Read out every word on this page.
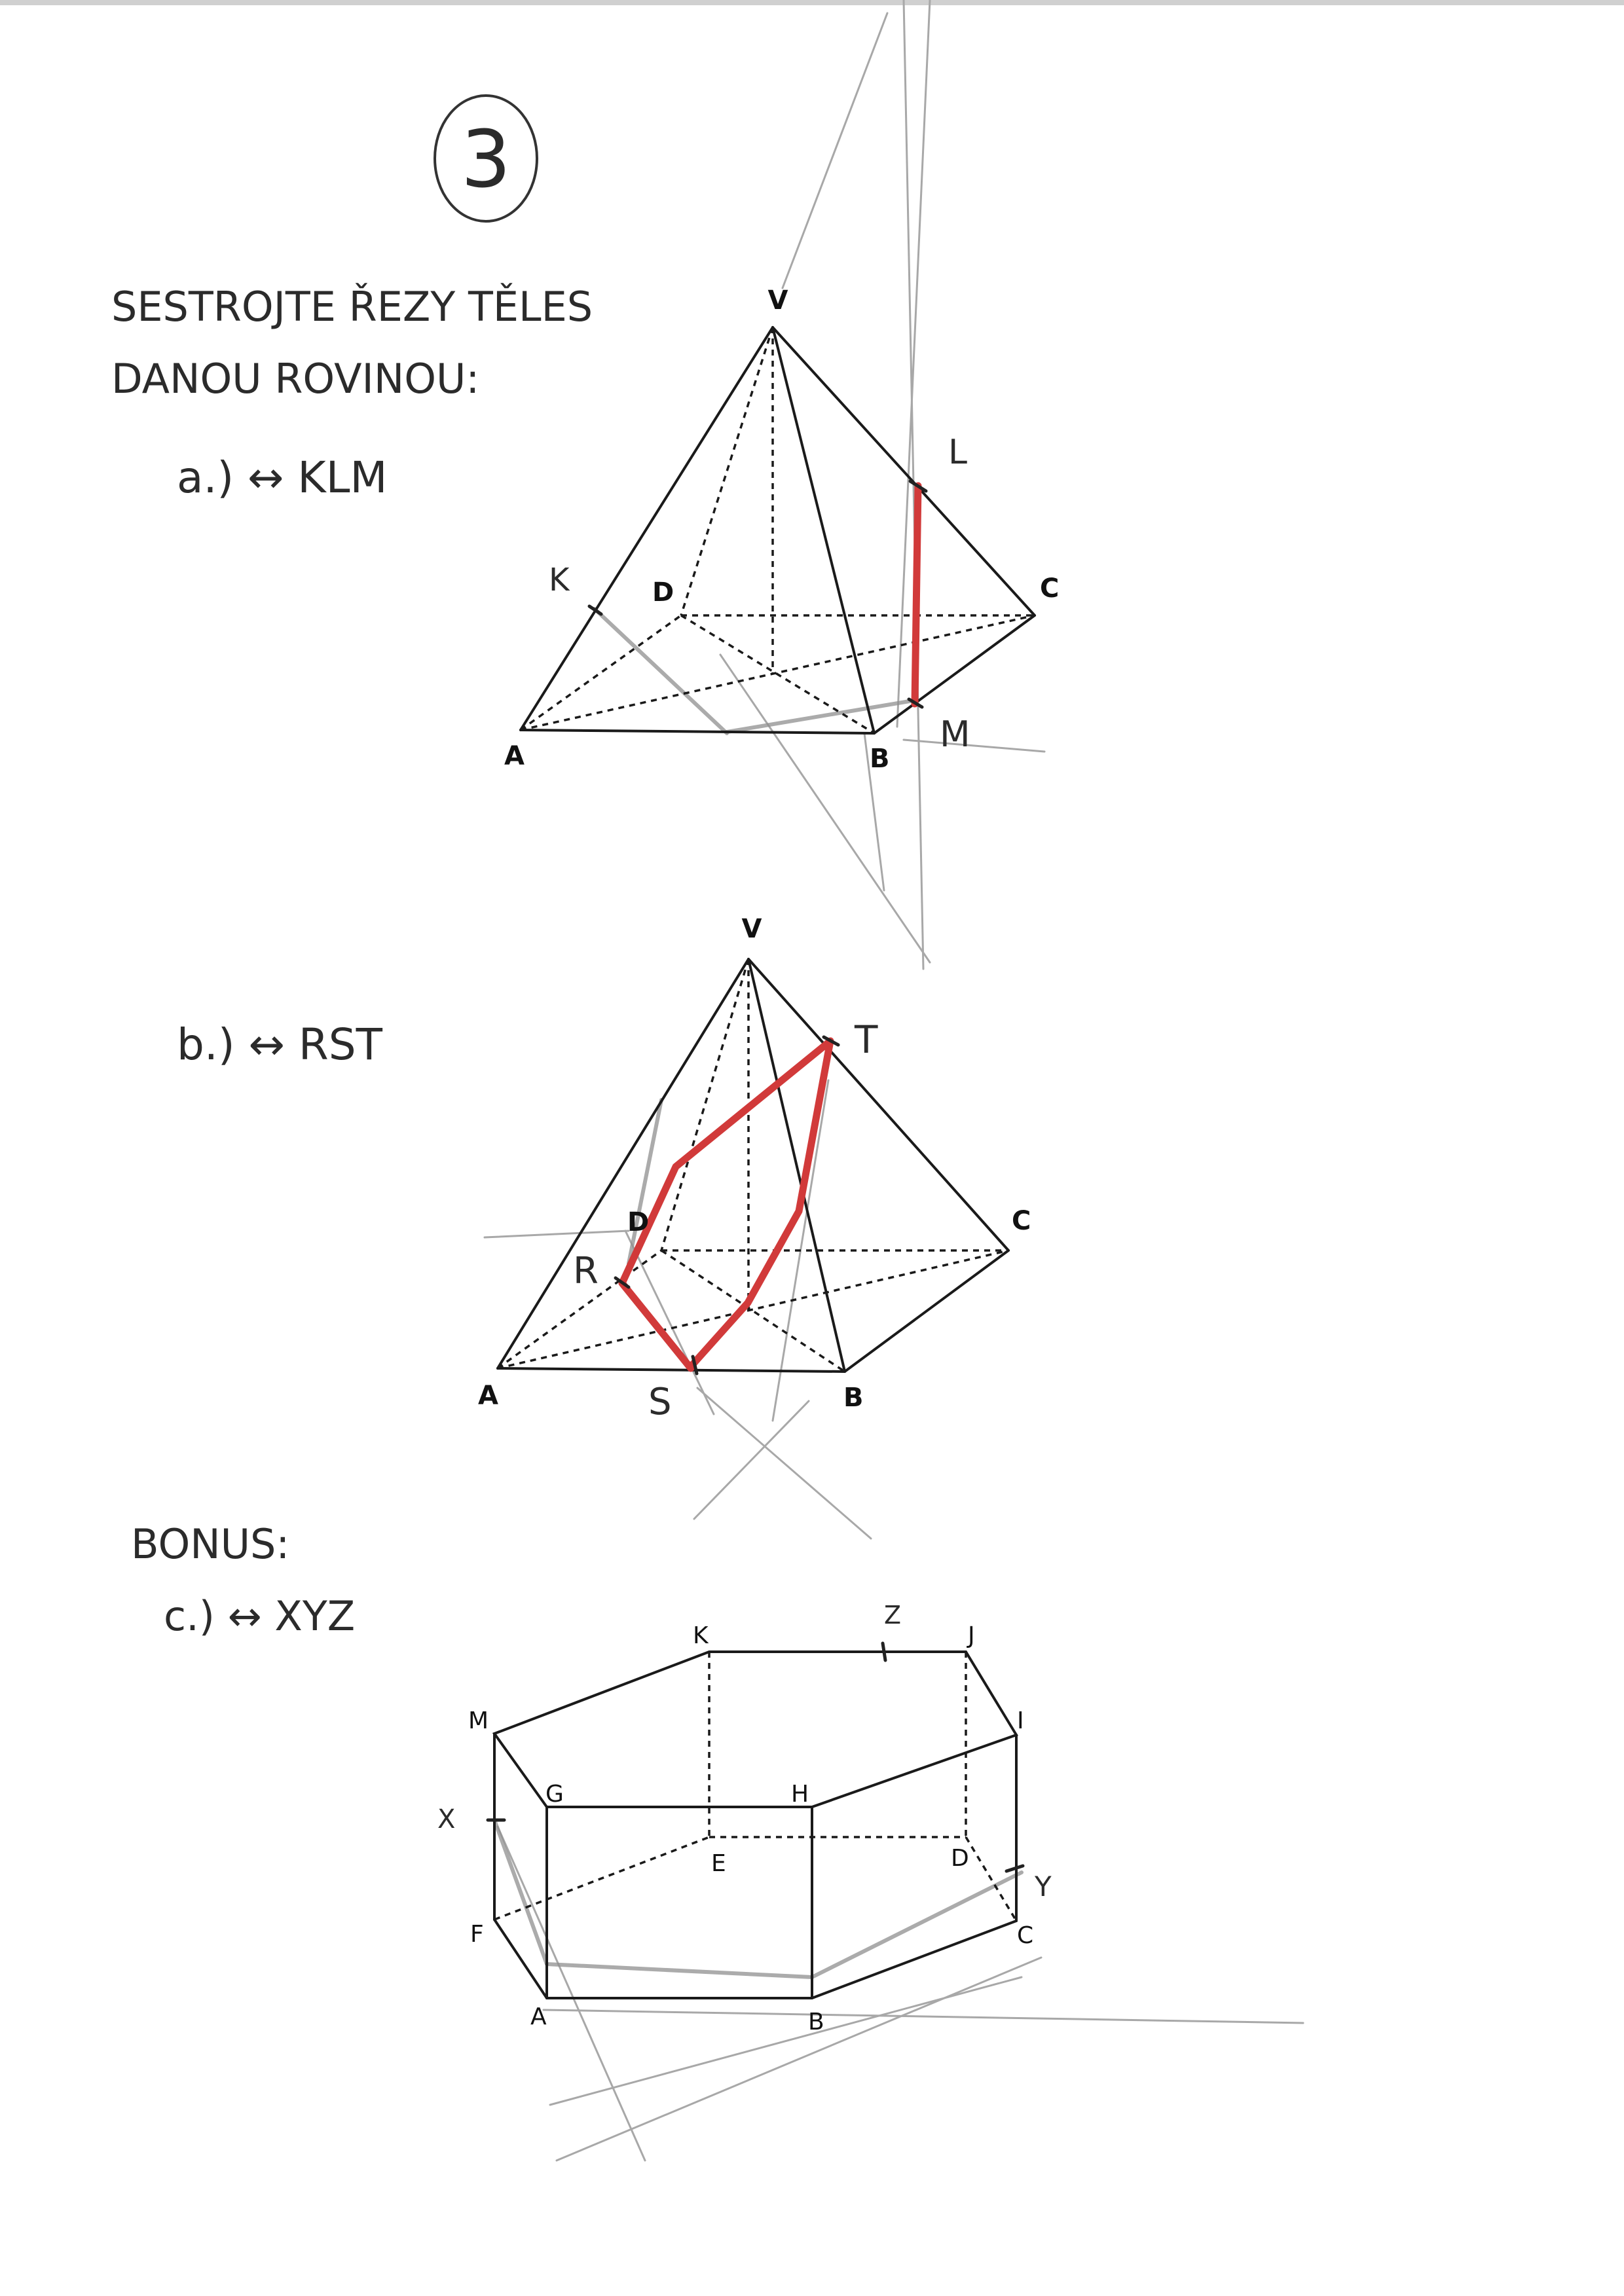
3
SESTROJTE ŘEZY TĚLES
DANOU ROVINOU:
a.) ↔ KLM
b.) ↔ RST
BONUS:
c.) ↔ XYZ
V
A	B
C
D
K
L
M
V
A	B
C
D
R
S
T
K	J
M	I
G	H
E	D
F	C
A	B
X
Y
Z
